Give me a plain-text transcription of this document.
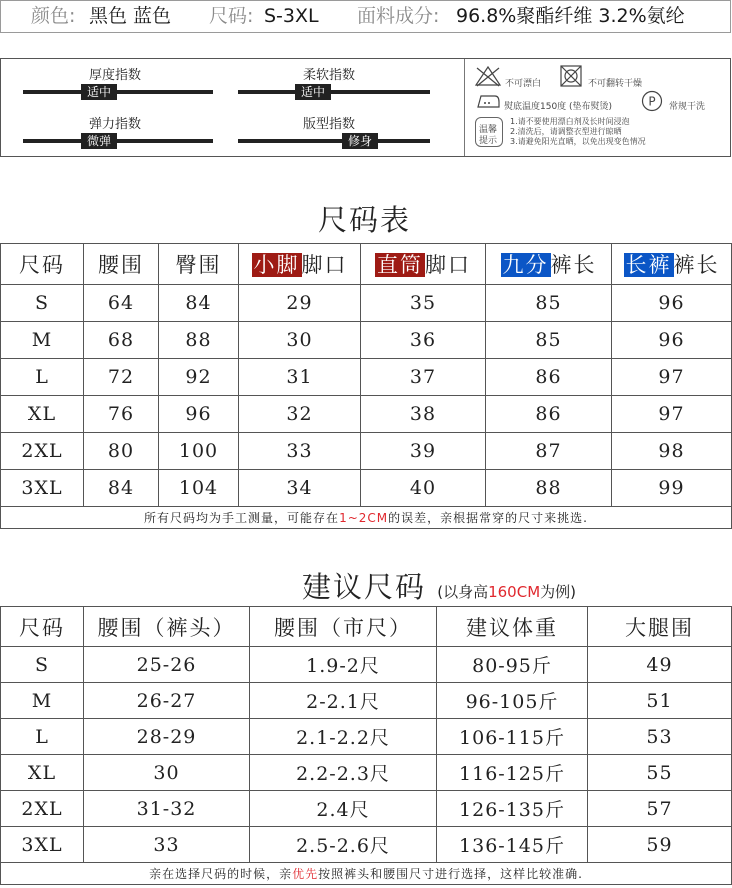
颜色: 黑色 蓝色 尺码: S-3XL 面料成分: 96.8%聚酯纤维 3.2%氨纶
厚度指数
适中
柔软指数
适中
弹力指数
微弹
版型指数
修身
不可漂白	不可翻转干燥
熨底温度150度 (垫布熨烫)	P 常规干洗
温馨
提示
1.请不要使用漂白剂及长时间浸泡
2.清洗后，请调整衣型进行晾晒
3.请避免阳光直晒，以免出现变色情况
尺码表
尺码	腰围	臀围	小脚脚口	直筒脚口	九分裤长	长裤裤长
S	64	84	29	35	85	96
M	68	88	30	36	85	96
L	72	92	31	37	86	97
XL	76	96	32	38	86	97
2XL	80	100	33	39	87	98
3XL	84	104	34	40	88	99
所有尺码均为手工测量，可能存在1~2CM的误差，亲根据常穿的尺寸来挑选.						
建议尺码 (以身高160CM为例)
尺码	腰围（裤头）	腰围（市尺）	建议体重	大腿围
S	25-26	1.9-2尺	80-95斤	49
M	26-27	2-2.1尺	96-105斤	51
L	28-29	2.1-2.2尺	106-115斤	53
XL	30	2.2-2.3尺	116-125斤	55
2XL	31-32	2.4尺	126-135斤	57
3XL	33	2.5-2.6尺	136-145斤	59
亲在选择尺码的时候，亲优先按照裤头和腰围尺寸进行选择，这样比较准确.				
